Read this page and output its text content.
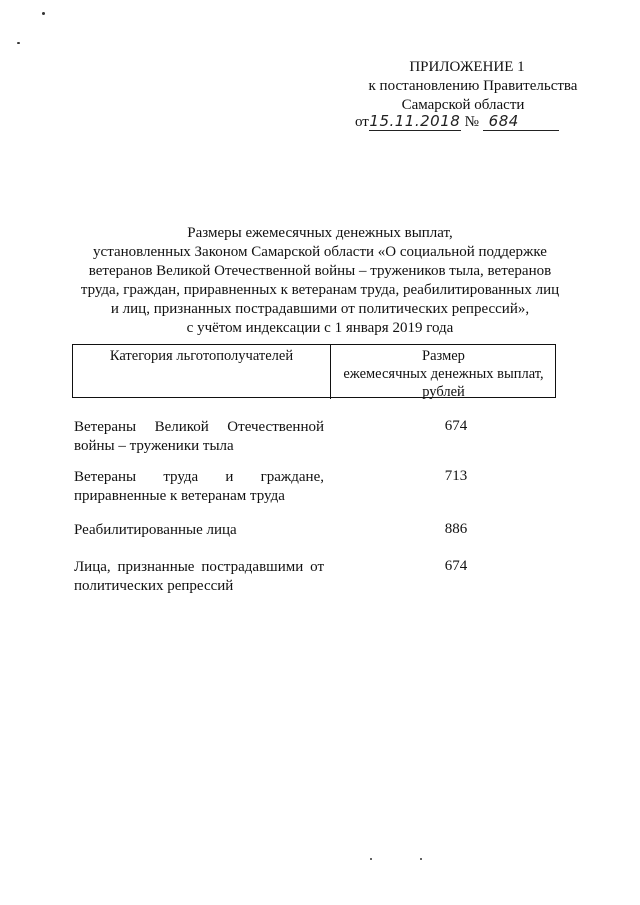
ПРИЛОЖЕНИЕ 1
к постановлению Правительства
Самарской области
от15.11.2018 № 684
Размеры ежемесячных денежных выплат,
установленных Законом Самарской области «О социальной поддержке
ветеранов Великой Отечественной войны – тружеников тыла, ветеранов
труда, граждан, приравненных к ветеранам труда, реабилитированных лиц
и лиц, признанных пострадавшими от политических репрессий»,
с учётом индексации с 1 января 2019 года
Категория льготополучателей	Размер
ежемесячных денежных выплат,
рублей
Ветераны Великой Отечественной войны – труженики тыла
674
Ветераны труда и граждане, приравненные к ветеранам труда
713
Реабилитированные лица	886
Лица, признанные пострадавшими от политических репрессий
674
